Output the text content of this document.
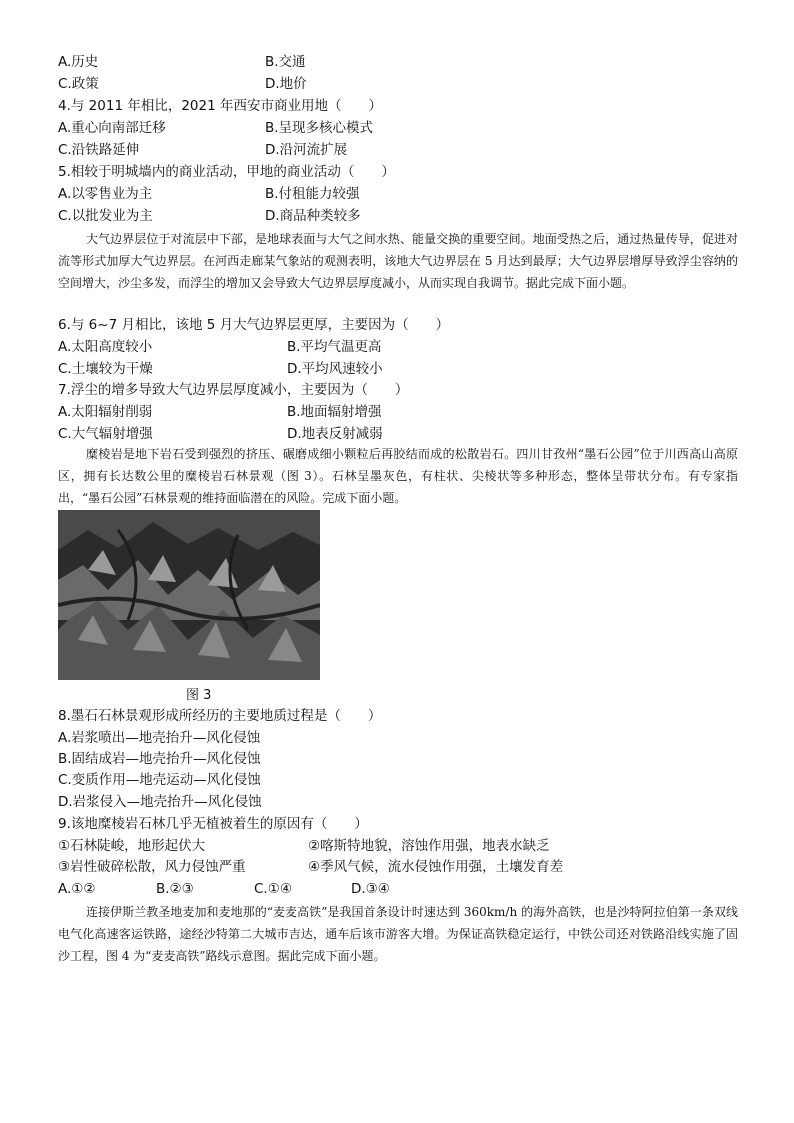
A.历史	B.交通
C.政策	D.地价
4.与 2011 年相比，2021 年西安市商业用地（　　）
A.重心向南部迁移	B.呈现多核心模式
C.沿铁路延伸	D.沿河流扩展
5.相较于明城墙内的商业活动，甲地的商业活动（　　）
A.以零售业为主	B.付租能力较强
C.以批发业为主	D.商品种类较多
大气边界层位于对流层中下部，是地球表面与大气之间水热、能量交换的重要空间。地面受热之后，通过热量传导，促进对流等形式加厚大气边界层。在河西走廊某气象站的观测表明，该地大气边界层在 5 月达到最厚；大气边界层增厚导致浮尘容纳的空间增大，沙尘多发，而浮尘的增加又会导致大气边界层厚度减小，从而实现自我调节。据此完成下面小题。
6.与 6~7 月相比，该地 5 月大气边界层更厚，主要因为（　　）
A.太阳高度较小	B.平均气温更高
C.土壤较为干燥	D.平均风速较小
7.浮尘的增多导致大气边界层厚度减小，主要因为（　　）
A.太阳辐射削弱	B.地面辐射增强
C.大气辐射增强	D.地表反射减弱
糜棱岩是地下岩石受到强烈的挤压、碾磨成细小颗粒后再胶结而成的松散岩石。四川甘孜州“墨石公园”位于川西高山高原区，拥有长达数公里的糜棱岩石林景观（图 3）。石林呈墨灰色，有柱状、尖棱状等多种形态，整体呈带状分布。有专家指出，“墨石公园”石林景观的维持面临潜在的风险。完成下面小题。
图 3
8.墨石石林景观形成所经历的主要地质过程是（　　）
A.岩浆喷出—地壳抬升—风化侵蚀
B.固结成岩—地壳抬升—风化侵蚀
C.变质作用—地壳运动—风化侵蚀
D.岩浆侵入—地壳抬升—风化侵蚀
9.该地糜棱岩石林几乎无植被着生的原因有（　　）
①石林陡峻，地形起伏大	②喀斯特地貌，溶蚀作用强，地表水缺乏
③岩性破碎松散，风力侵蚀严重	④季风气候，流水侵蚀作用强，土壤发育差
A.①②	B.②③	C.①④	D.③④
连接伊斯兰教圣地麦加和麦地那的“麦麦高铁”是我国首条设计时速达到 360km/h 的海外高铁，也是沙特阿拉伯第一条双线电气化高速客运铁路，途经沙特第二大城市吉达，通车后该市游客大增。为保证高铁稳定运行，中铁公司还对铁路沿线实施了固沙工程，图 4 为“麦麦高铁”路线示意图。据此完成下面小题。
